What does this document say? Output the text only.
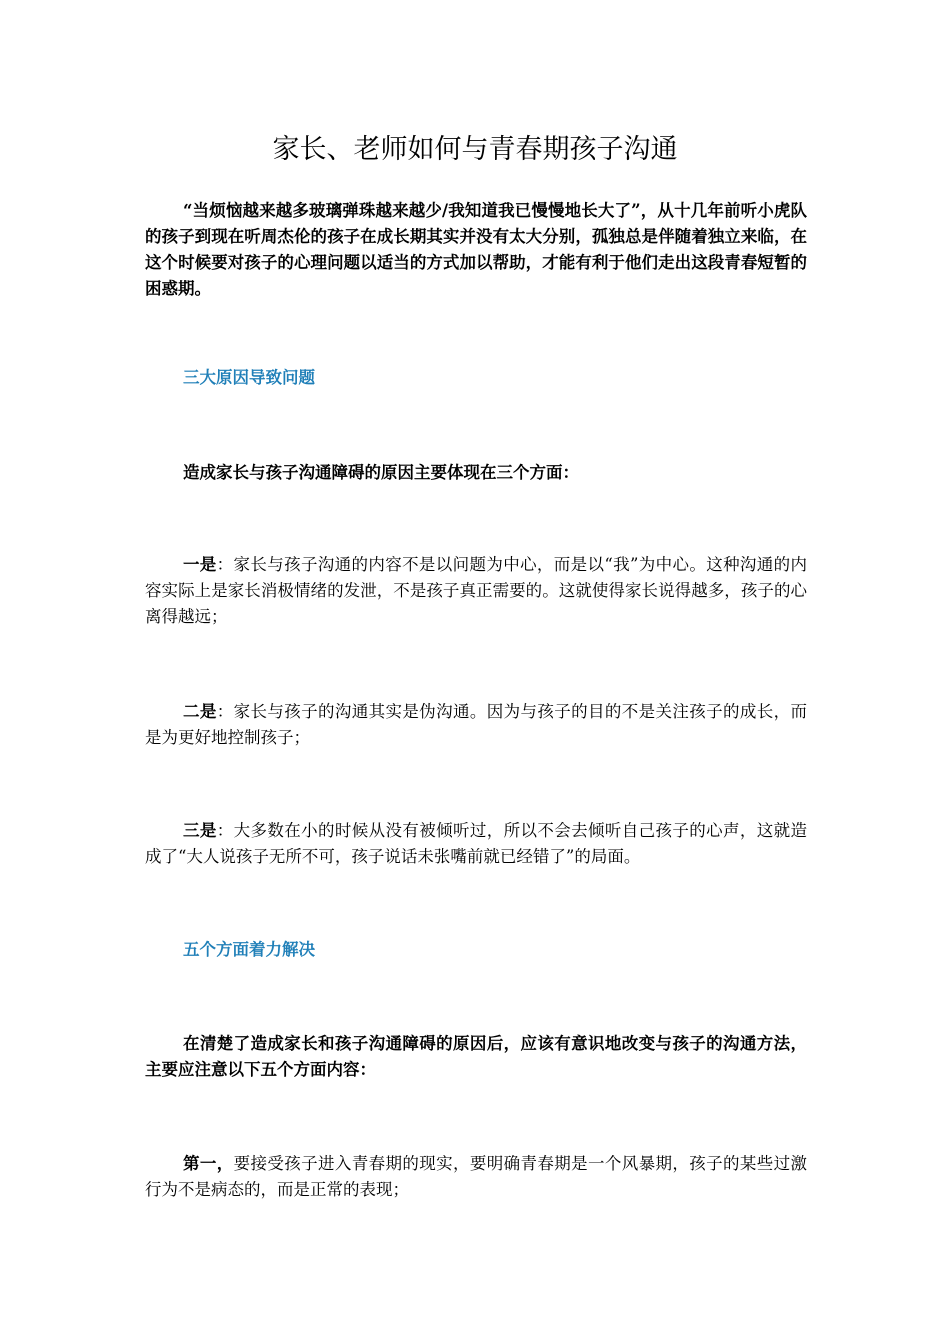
家长、老师如何与青春期孩子沟通

“当烦恼越来越多玻璃弹珠越来越少/我知道我已慢慢地长大了”，从十几年前听小虎队的孩子到现在听周杰伦的孩子在成长期其实并没有太大分别，孤独总是伴随着独立来临，在这个时候要对孩子的心理问题以适当的方式加以帮助，才能有利于他们走出这段青春短暂的困惑期。

三大原因导致问题

造成家长与孩子沟通障碍的原因主要体现在三个方面：

一是：家长与孩子沟通的内容不是以问题为中心，而是以“我”为中心。这种沟通的内容实际上是家长消极情绪的发泄，不是孩子真正需要的。这就使得家长说得越多，孩子的心离得越远；

二是：家长与孩子的沟通其实是伪沟通。因为与孩子的目的不是关注孩子的成长，而是为更好地控制孩子；

三是：大多数在小的时候从没有被倾听过，所以不会去倾听自己孩子的心声，这就造成了“大人说孩子无所不可，孩子说话未张嘴前就已经错了”的局面。

五个方面着力解决

在清楚了造成家长和孩子沟通障碍的原因后，应该有意识地改变与孩子的沟通方法，主要应注意以下五个方面内容：

第一，要接受孩子进入青春期的现实，要明确青春期是一个风暴期，孩子的某些过激行为不是病态的，而是正常的表现；
